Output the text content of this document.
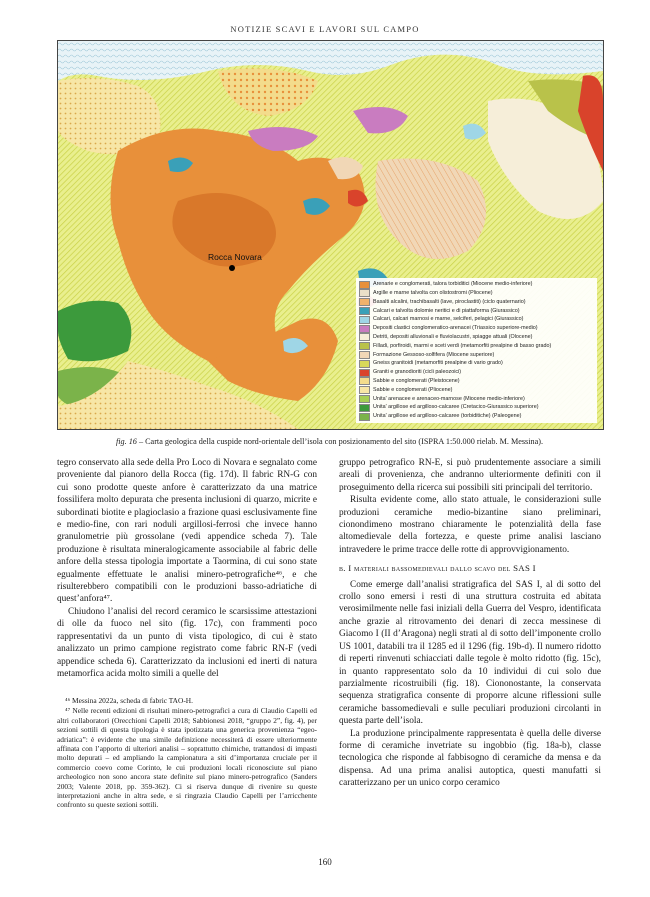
NOTIZIE SCAVI E LAVORI SUL CAMPO
Rocca Novara
Arenarie e conglomerati, talora torbiditici (Miocene medio-inferiore)
Argille e marne talvolta con olistostromi (Pliocene)
Basalti alcalini, trachibasalti (lave, piroclastiti) (ciclo quaternario)
Calcari e talvolta dolomie neritici e di piattaforma (Giurassico)
Calcari, calcari marnosi e marne, selciferi, pelagici (Giurassico)
Depositi clastici conglomeratico-arenacei (Triassico superiore-medio)
Detriti, depositi alluvionali e fluviolacustri, spiagge attuali (Olocene)
Filladi, porfiroidi, marmi e sceti verdi (metamorfiti prealpine di basso grado)
Formazione Gessoso-solfifera (Miocene superiore)
Gneiss granitoidi (metamorfiti prealpine di vario grado)
Graniti e granodioriti (cicli paleozoici)
Sabbie e conglomerati (Pleistocene)
Sabbie e conglomerati (Pliocene)
Unita' arenacee e arenaceo-marnose (Miocene medio-inferiore)
Unita' argillose ed argilloso-calcaree (Cretacico-Giurassico superiore)
Unita' argillose ed argilloso-calcaree (torbiditiche) (Paleogene)
fig. 16 – Carta geologica della cuspide nord-orientale dell’isola con posizionamento del sito (ISPRA 1:50.000 rielab. M. Messina).

tegro conservato alla sede della Pro Loco di Novara e segnalato come proveniente dal pianoro della Rocca (fig. 17d). Il fabric RN-G con cui sono prodotte queste anfore è caratterizzato da una matrice fossilifera molto depurata che presenta inclusioni di quarzo, micrite e subordinati biotite e plagioclasio a frazione quasi esclusivamente fine e medio-fine, con rari noduli argillosi-ferrosi che invece hanno granulometrie più grossolane (vedi appendice scheda 7). Tale produzione è risultata mineralogicamente associabile al fabric delle anfore della stessa tipologia importate a Taormina, di cui sono state egualmente effettuate le analisi minero-petrografiche⁴⁶, e che risulterebbero compatibili con le produzioni basso-adriatiche di quest’anfora⁴⁷.

Chiudono l’analisi del record ceramico le scarsissime attestazioni di olle da fuoco nel sito (fig. 17c), con frammenti poco rappresentativi da un punto di vista tipologico, di cui è stato analizzato un primo campione registrato come fabric RN-F (vedi appendice scheda 6). Caratterizzato da inclusioni ed inerti di natura metamorfica acida molto simili a quelle del

⁴⁶ Messina 2022a, scheda di fabric TAO-H.

⁴⁷ Nelle recenti edizioni di risultati minero-petrografici a cura di Claudio Capelli ed altri collaboratori (Orecchioni Capelli 2018; Sabbionesi 2018, “gruppo 2”, fig. 4), per sezioni sottili di questa tipologia è stata ipotizzata una generica provenienza “egeo-adriatica”: è evidente che una simile definizione necessiterà di essere ulteriormente affinata con l’apporto di ulteriori analisi – soprattutto chimiche, trattandosi di impasti molto depurati – ed ampliando la campionatura a siti d’importanza cruciale per il commercio coevo come Corinto, le cui produzioni locali riconosciute sul piano archeologico non sono ancora state definite sul piano minero-petrografico (Sanders 2003; Valente 2018, pp. 359-362). Ci si riserva dunque di rivenire su queste interpretazioni anche in altra sede, e si ringrazia Claudio Capelli per l’arricchente confronto su queste sezioni sottili.

gruppo petrografico RN-E, si può prudentemente associare a simili areali di provenienza, che andranno ulteriormente definiti con il proseguimento della ricerca sui possibili siti principali del territorio.

Risulta evidente come, allo stato attuale, le considerazioni sulle produzioni ceramiche medio-bizantine siano preliminari, cionondimeno mostrano chiaramente le potenzialità della fase altomedievale della fortezza, e queste prime analisi lasciano intravedere le prime tracce delle rotte di approvvigionamento.

b. I materiali bassomedievali dallo scavo del SAS I

Come emerge dall’analisi stratigrafica del SAS I, al di sotto del crollo sono emersi i resti di una struttura costruita ed abitata verosimilmente nelle fasi iniziali della Guerra del Vespro, identificata anche grazie al ritrovamento dei denari di zecca messinese di Giacomo I (II d’Aragona) negli strati al di sotto dell’imponente crollo US 1001, databili tra il 1285 ed il 1296 (fig. 19b-d). Il numero ridotto di reperti rinvenuti schiacciati dalle tegole è molto ridotto (fig. 15c), in quanto rappresentato solo da 10 individui di cui solo due parzialmente ricostruibili (fig. 18). Ciononostante, la conservata sequenza stratigrafica consente di proporre alcune riflessioni sulle ceramiche bassomedievali e sulle peculiari produzioni circolanti in questa parte dell’isola.

La produzione principalmente rappresentata è quella delle diverse forme di ceramiche invetriate su ingobbio (fig. 18a-b), classe tecnologica che risponde al fabbisogno di ceramiche da mensa e da dispensa. Ad una prima analisi autoptica, questi manufatti si caratterizzano per un unico corpo ceramico

160
